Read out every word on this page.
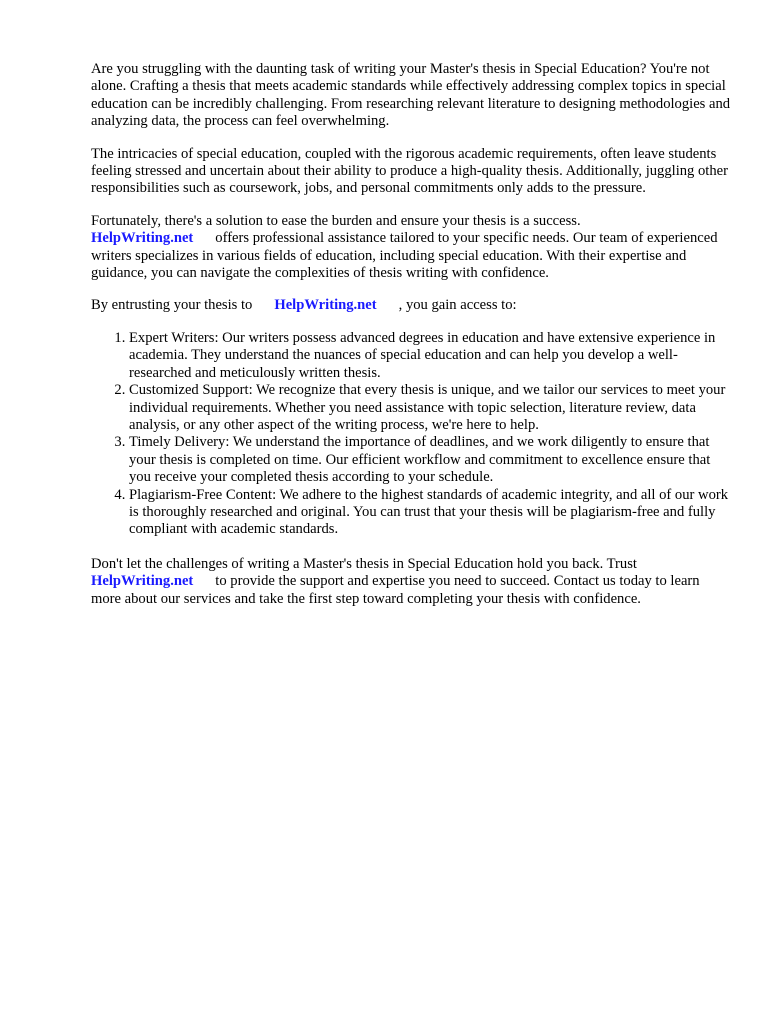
Are you struggling with the daunting task of writing your Master's thesis in Special Education? You're not alone. Crafting a thesis that meets academic standards while effectively addressing complex topics in special education can be incredibly challenging. From researching relevant literature to designing methodologies and analyzing data, the process can feel overwhelming.

The intricacies of special education, coupled with the rigorous academic requirements, often leave students feeling stressed and uncertain about their ability to produce a high-quality thesis. Additionally, juggling other responsibilities such as coursework, jobs, and personal commitments only adds to the pressure.

Fortunately, there's a solution to ease the burden and ensure your thesis is a success.
HelpWriting.net offers professional assistance tailored to your specific needs. Our team of experienced writers specializes in various fields of education, including special education. With their expertise and guidance, you can navigate the complexities of thesis writing with confidence.

By entrusting your thesis to HelpWriting.net , you gain access to:

1. Expert Writers: Our writers possess advanced degrees in education and have extensive experience in academia. They understand the nuances of special education and can help you develop a well-researched and meticulously written thesis.
2. Customized Support: We recognize that every thesis is unique, and we tailor our services to meet your individual requirements. Whether you need assistance with topic selection, literature review, data analysis, or any other aspect of the writing process, we're here to help.
3. Timely Delivery: We understand the importance of deadlines, and we work diligently to ensure that your thesis is completed on time. Our efficient workflow and commitment to excellence ensure that you receive your completed thesis according to your schedule.
4. Plagiarism-Free Content: We adhere to the highest standards of academic integrity, and all of our work is thoroughly researched and original. You can trust that your thesis will be plagiarism-free and fully compliant with academic standards.

Don't let the challenges of writing a Master's thesis in Special Education hold you back. Trust
HelpWriting.net to provide the support and expertise you need to succeed. Contact us today to learn more about our services and take the first step toward completing your thesis with confidence.
